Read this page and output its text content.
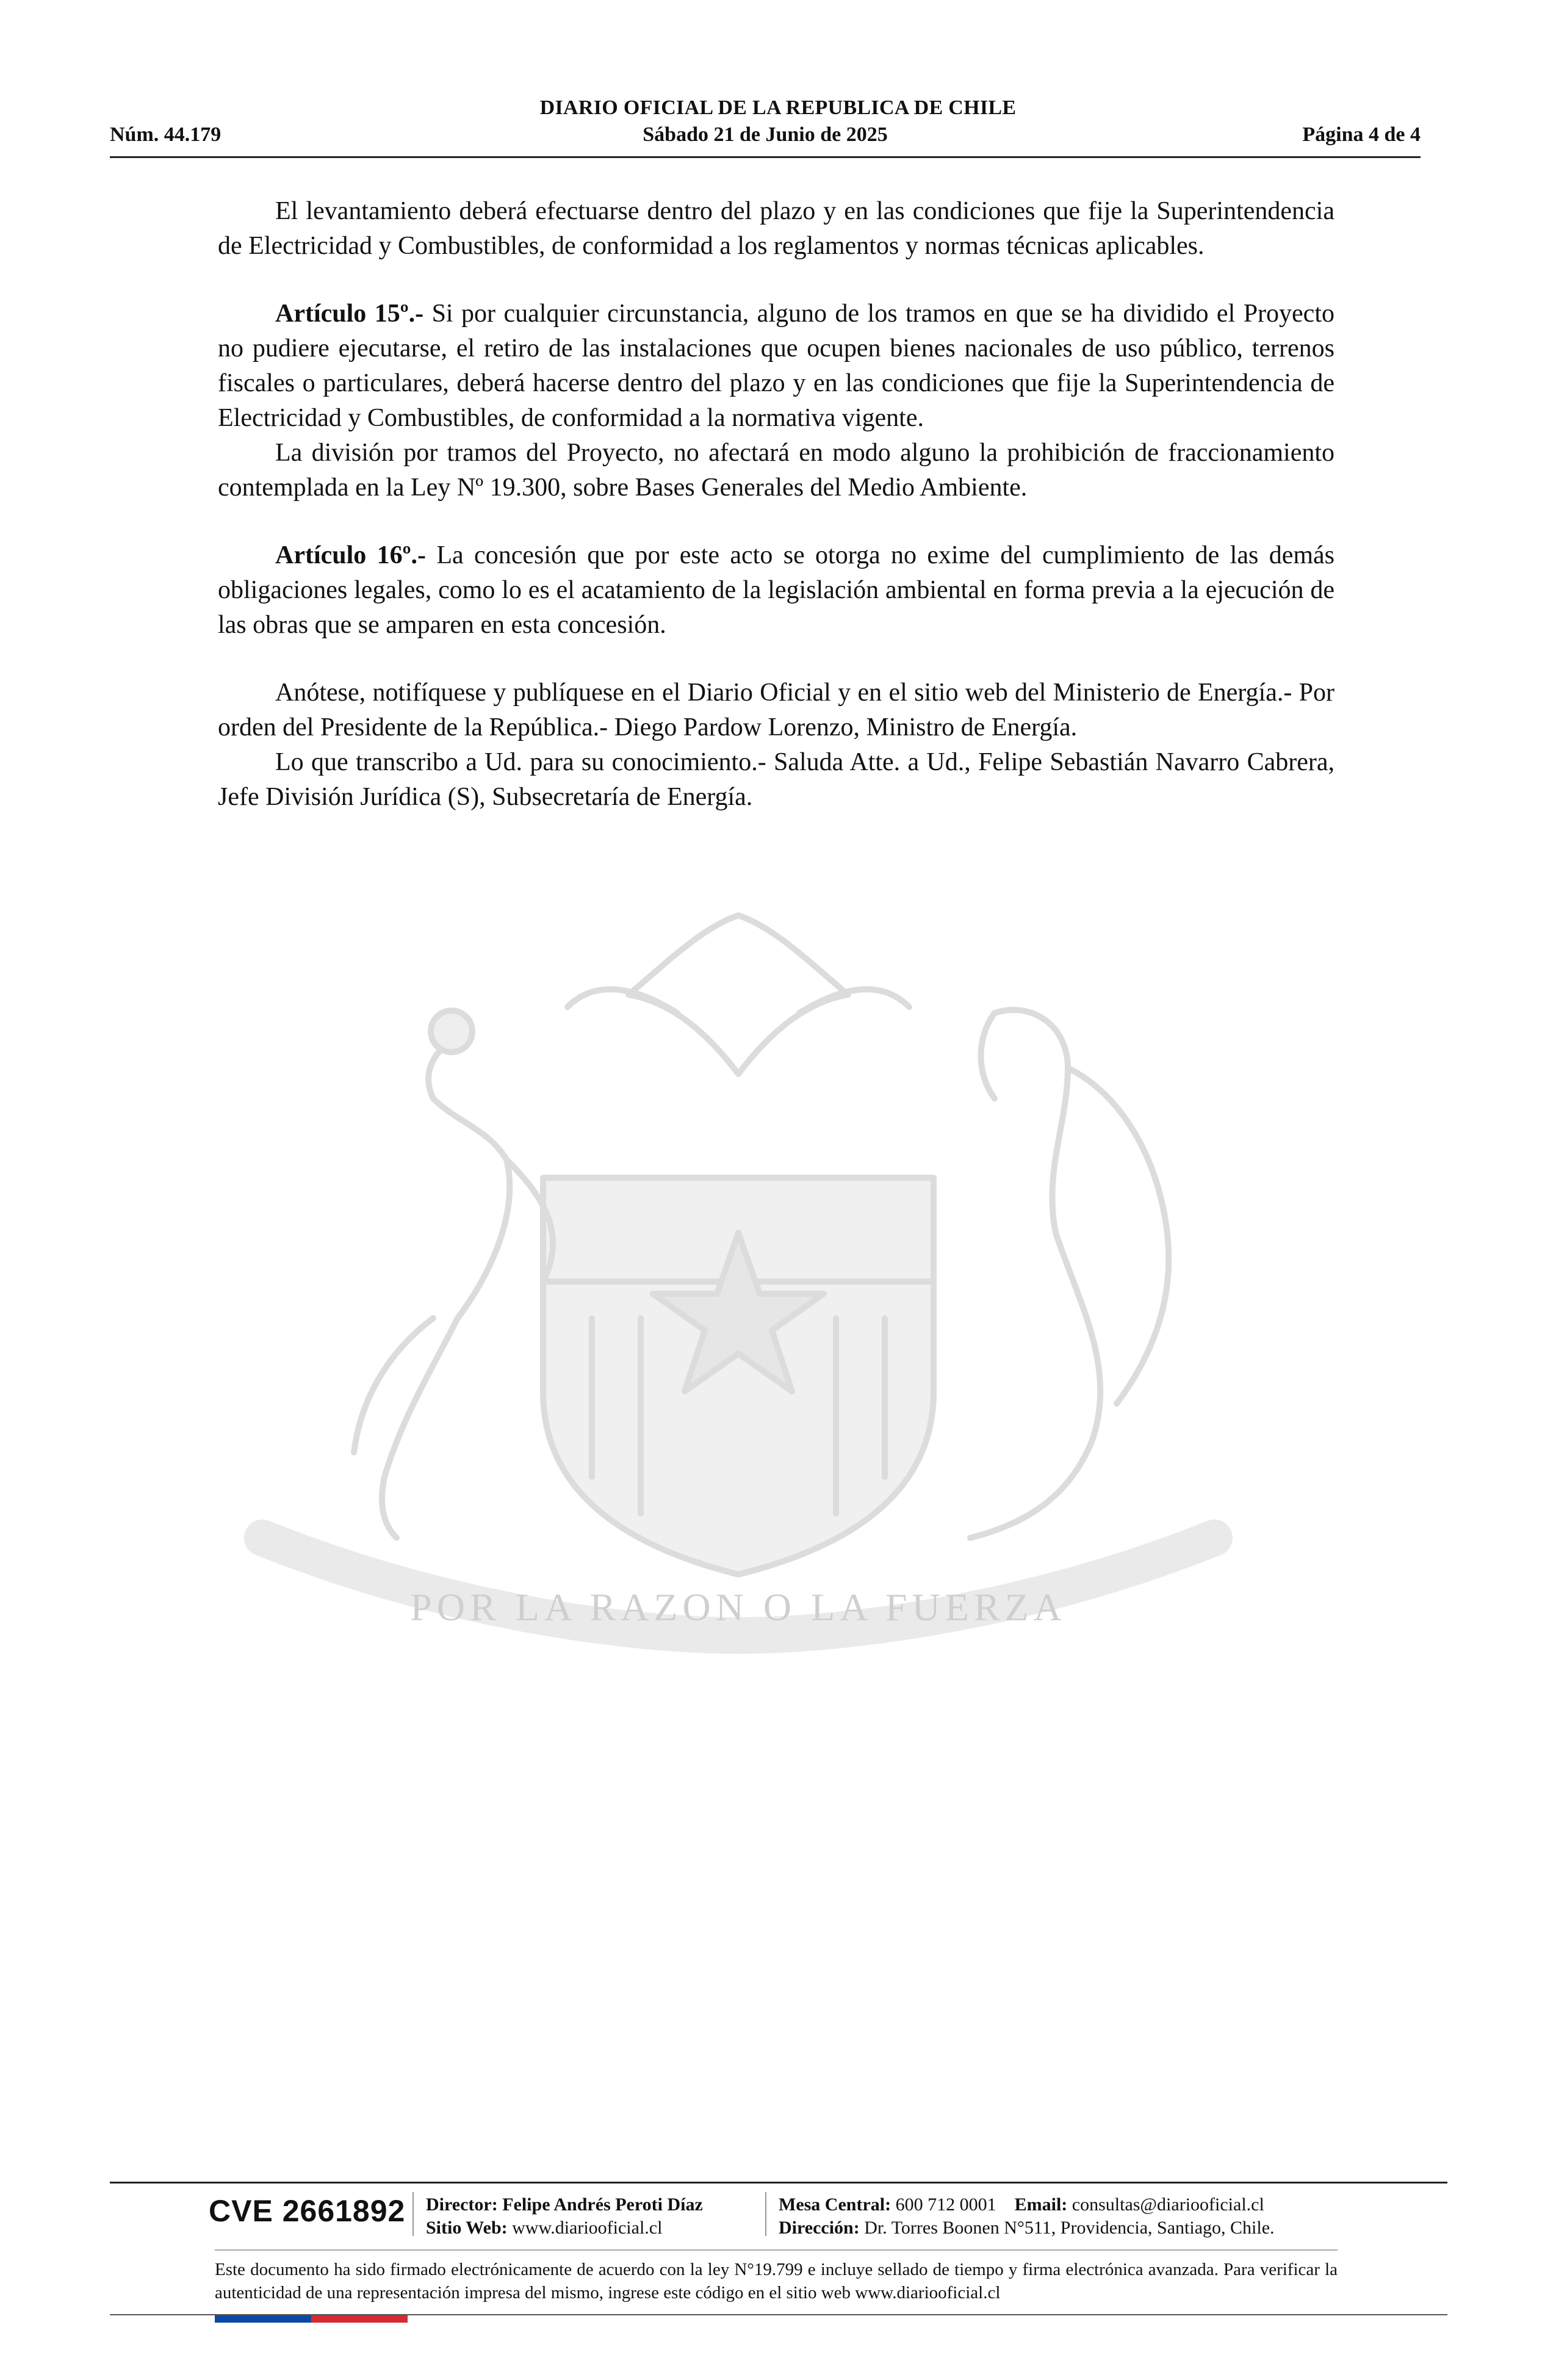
DIARIO OFICIAL DE LA REPUBLICA DE CHILE
Núm. 44.179	Sábado 21 de Junio de 2025	Página 4 de 4
POR LA RAZON O LA FUERZA

El levantamiento deberá efectuarse dentro del plazo y en las condiciones que fije la Superintendencia de Electricidad y Combustibles, de conformidad a los reglamentos y normas técnicas aplicables.

Artículo 15º.- Si por cualquier circunstancia, alguno de los tramos en que se ha dividido el Proyecto no pudiere ejecutarse, el retiro de las instalaciones que ocupen bienes nacionales de uso público, terrenos fiscales o particulares, deberá hacerse dentro del plazo y en las condiciones que fije la Superintendencia de Electricidad y Combustibles, de conformidad a la normativa vigente.

La división por tramos del Proyecto, no afectará en modo alguno la prohibición de fraccionamiento contemplada en la Ley Nº 19.300, sobre Bases Generales del Medio Ambiente.

Artículo 16º.- La concesión que por este acto se otorga no exime del cumplimiento de las demás obligaciones legales, como lo es el acatamiento de la legislación ambiental en forma previa a la ejecución de las obras que se amparen en esta concesión.

Anótese, notifíquese y publíquese en el Diario Oficial y en el sitio web del Ministerio de Energía.- Por orden del Presidente de la República.- Diego Pardow Lorenzo, Ministro de Energía.

Lo que transcribo a Ud. para su conocimiento.- Saluda Atte. a Ud., Felipe Sebastián Navarro Cabrera, Jefe División Jurídica (S), Subsecretaría de Energía.

CVE 2661892 Director: Felipe Andrés Peroti Díaz
Sitio Web: www.diariooficial.cl
Mesa Central: 600 712 0001 Email: consultas@diariooficial.cl
Dirección: Dr. Torres Boonen N°511, Providencia, Santiago, Chile.
Este documento ha sido firmado electrónicamente de acuerdo con la ley N°19.799 e incluye sellado de tiempo y firma electrónica avanzada. Para verificar la autenticidad de una representación impresa del mismo, ingrese este código en el sitio web www.diariooficial.cl
